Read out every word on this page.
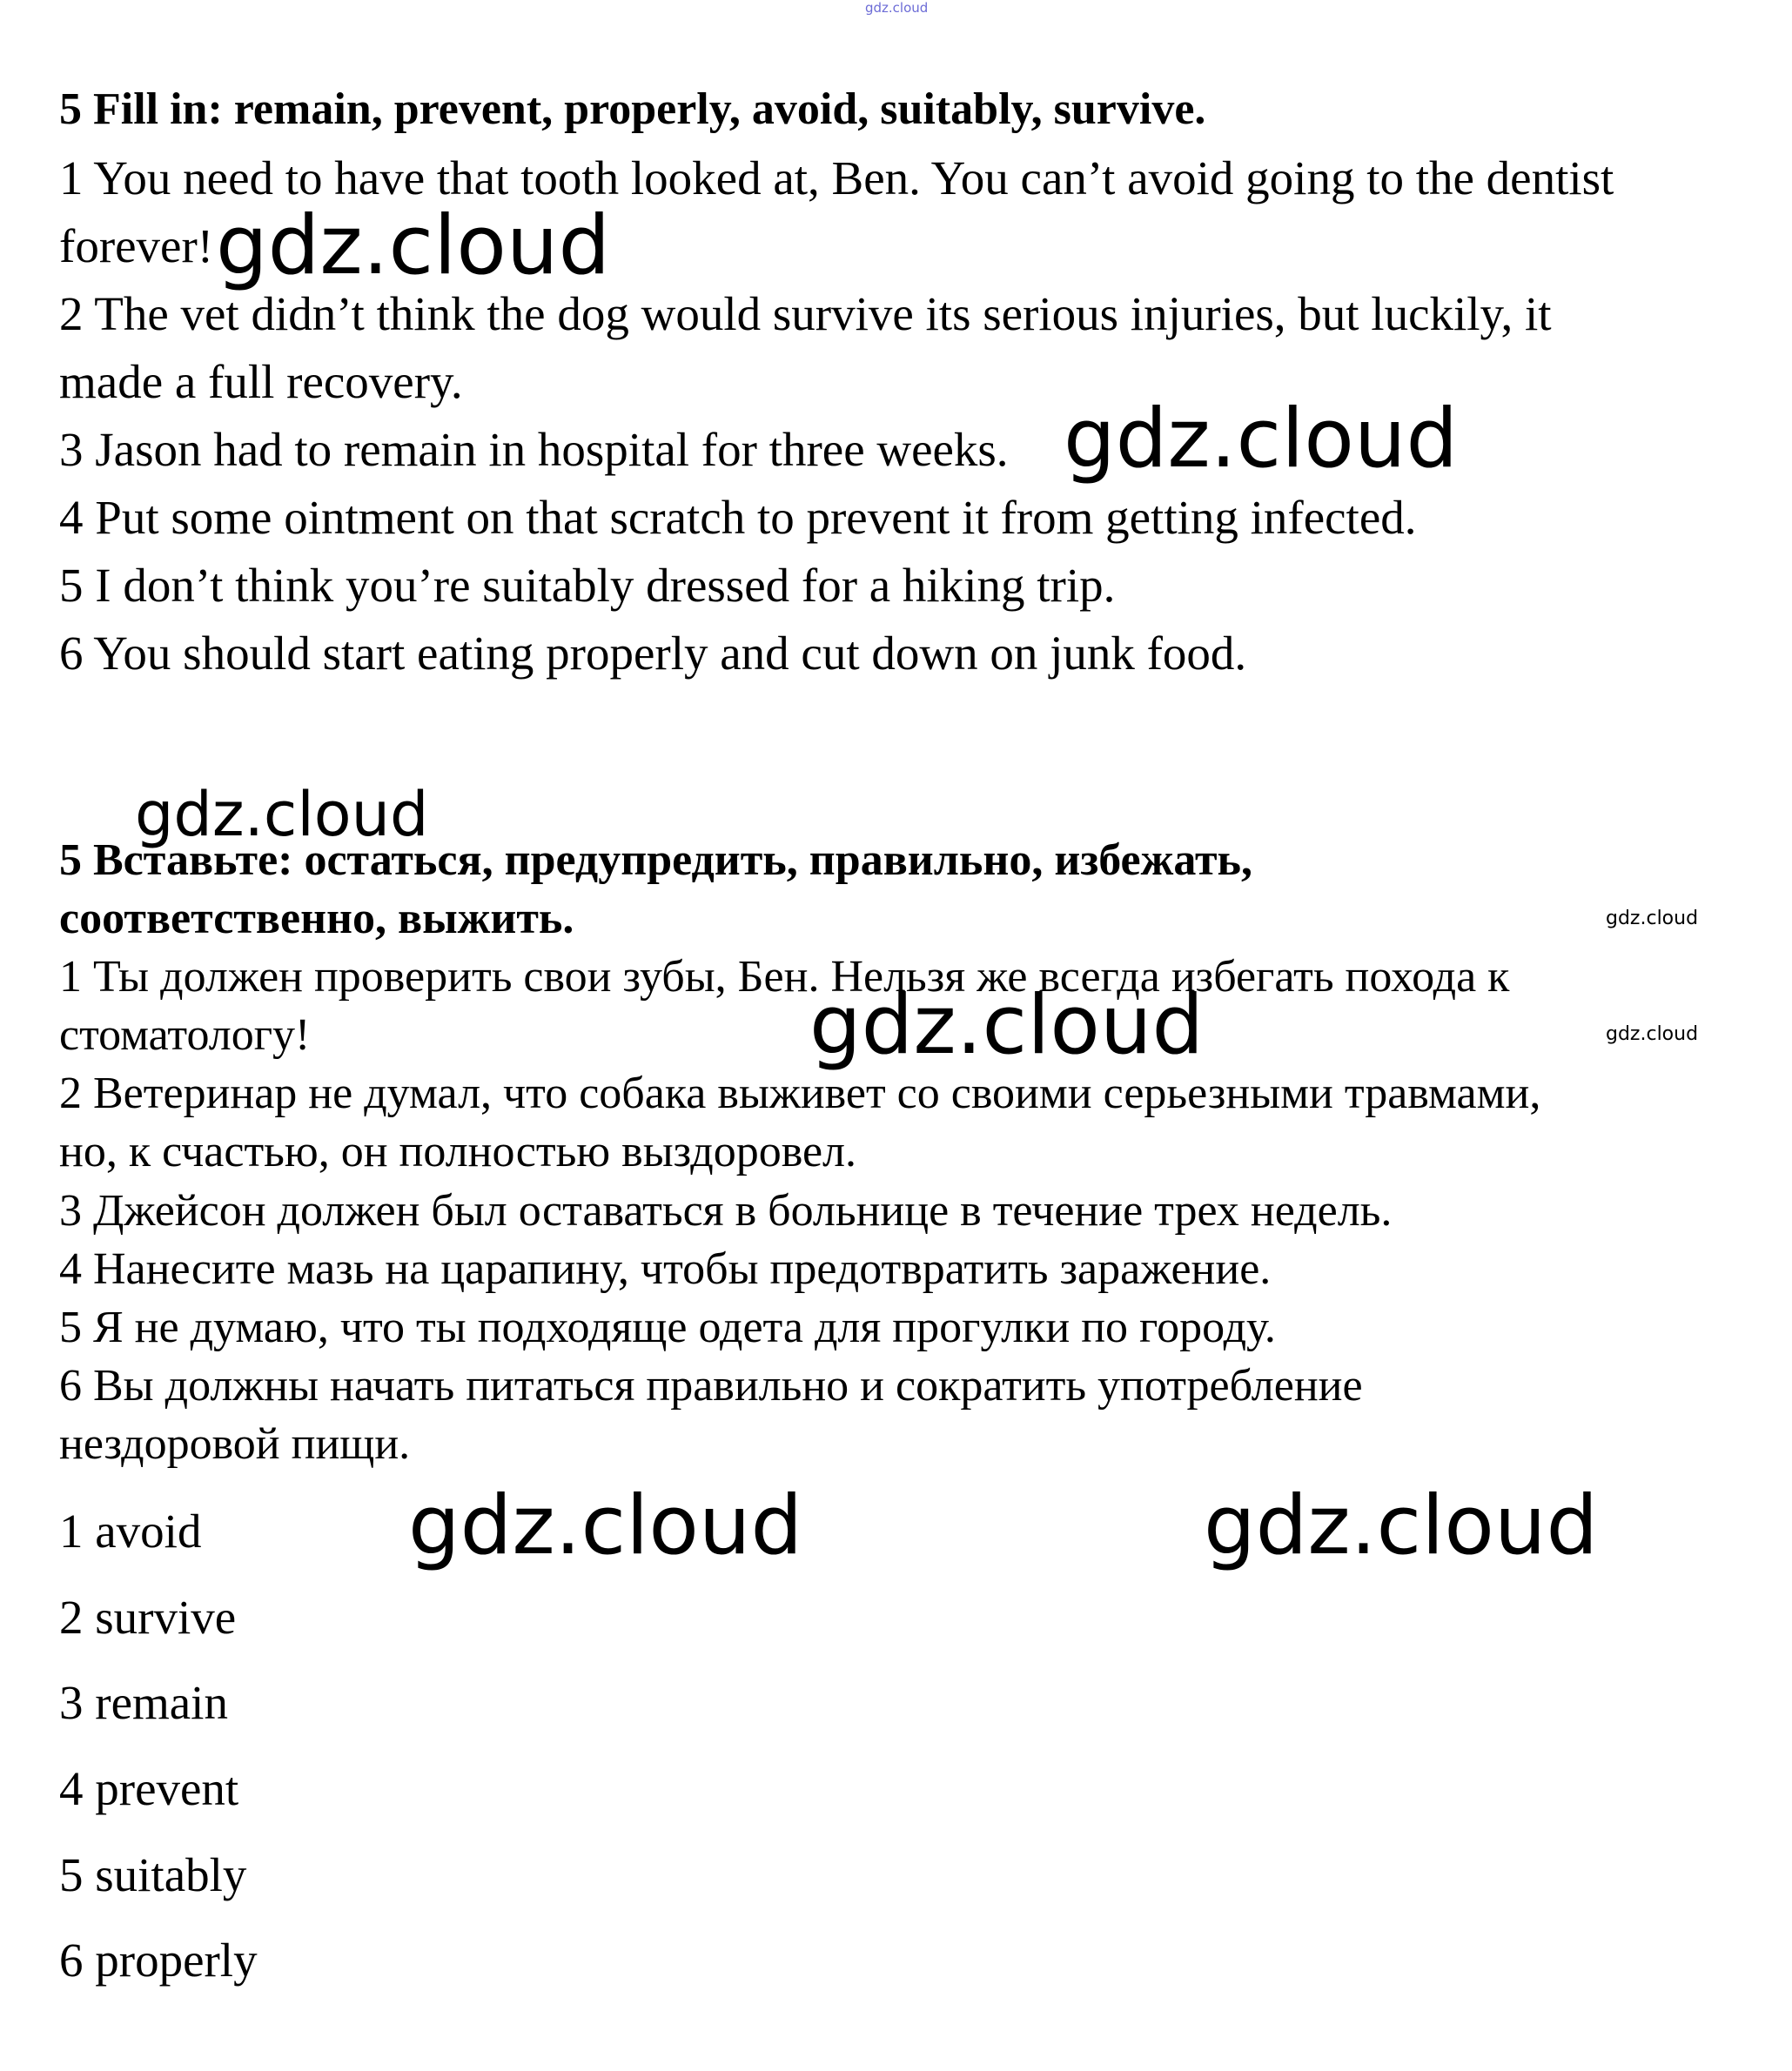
gdz.cloud
5 Fill in: remain, prevent, properly, avoid, suitably, survive.
1 You need to have that tooth looked at, Ben. You can’t avoid going to the dentist
forever!
2 The vet didn’t think the dog would survive its serious injuries, but luckily, it
made a full recovery.
3 Jason had to remain in hospital for three weeks.
4 Put some ointment on that scratch to prevent it from getting infected.
5 I don’t think you’re suitably dressed for a hiking trip.
6 You should start eating properly and cut down on junk food.
5 Вставьте: остаться, предупредить, правильно, избежать,
соответственно, выжить.
1 Ты должен проверить свои зубы, Бен. Нельзя же всегда избегать похода к
стоматологу!
2 Ветеринар не думал, что собака выживет со своими серьезными травмами,
но, к счастью, он полностью выздоровел.
3 Джейсон должен был оставаться в больнице в течение трех недель.
4 Нанесите мазь на царапину, чтобы предотвратить заражение.
5 Я не думаю, что ты подходяще одета для прогулки по городу.
6 Вы должны начать питаться правильно и сократить употребление
нездоровой пищи.
1 avoid
2 survive
3 remain
4 prevent
5 suitably
6 properly
gdz.cloud
gdz.cloud
gdz.cloud
gdz.cloud
gdz.cloud	gdz.cloud
gdz.cloud	gdz.cloud
